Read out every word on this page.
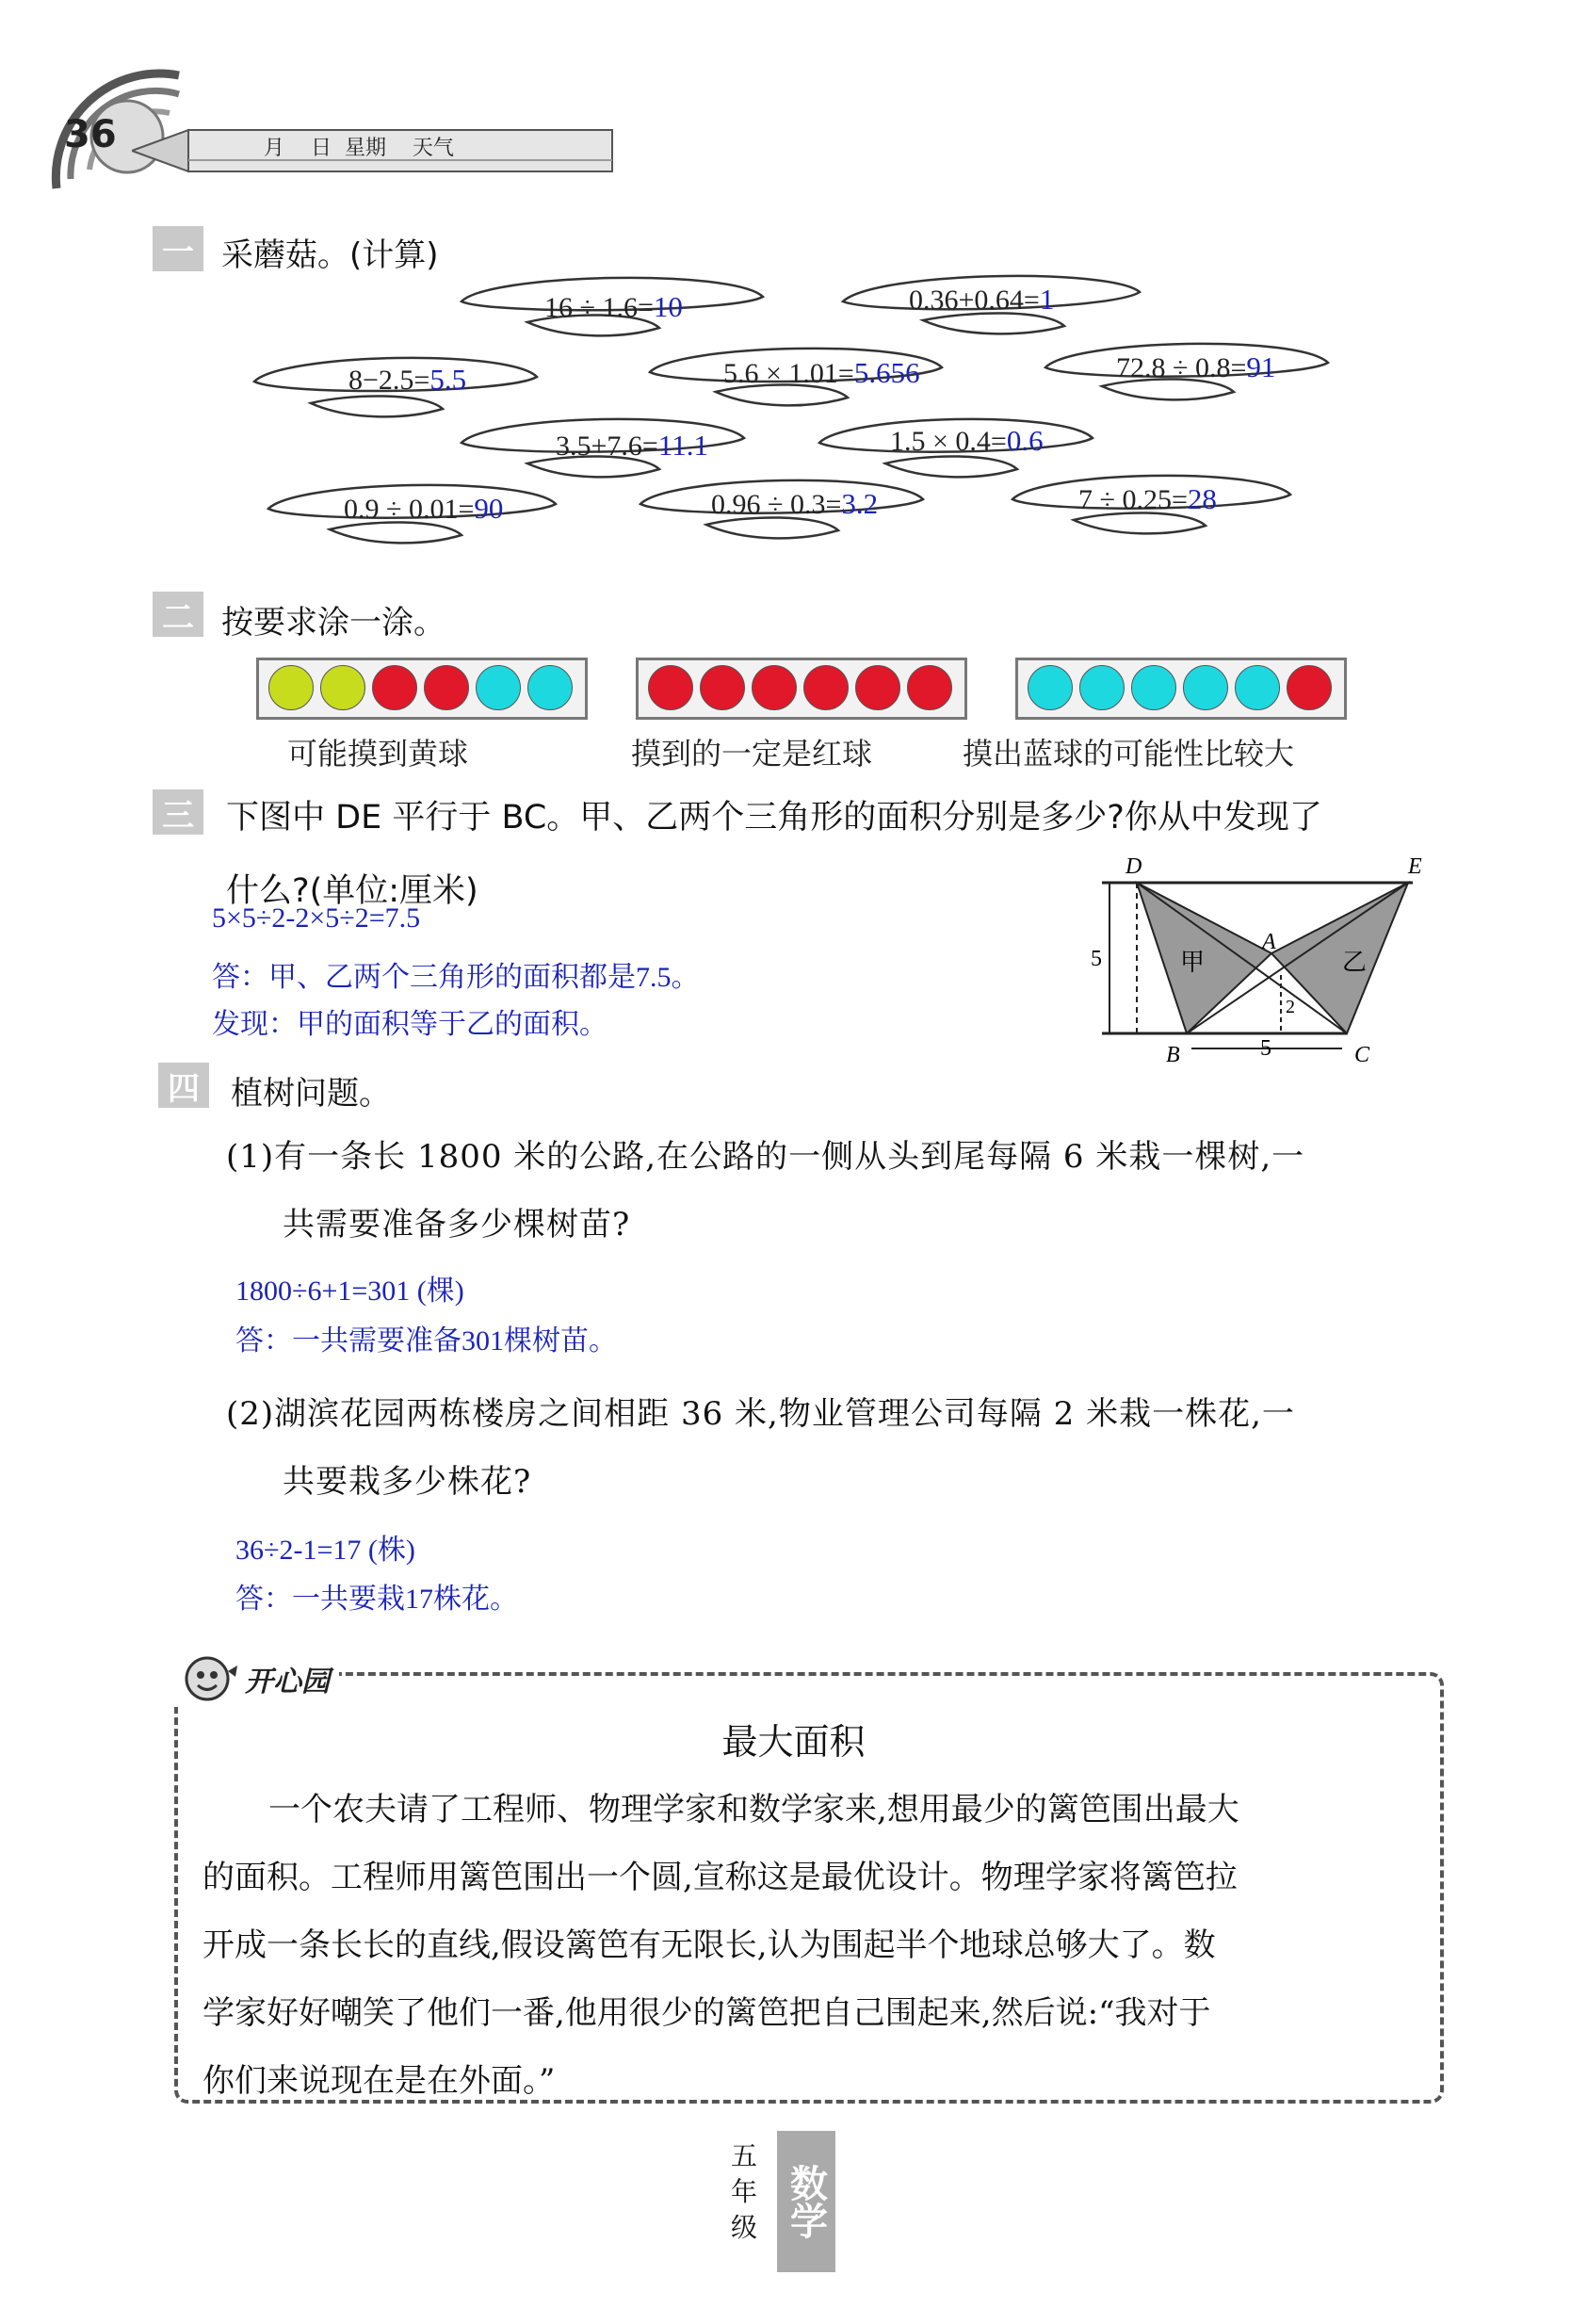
36	月    日  星期    天气
一 采蘑菇。(计算)
16 ÷ 1.6=10	0.36+0.64=1
8−2.5=5.5	5.6 × 1.01=5.656	72.8 ÷ 0.8=91
3.5+7.6=11.1	1.5 × 0.4=0.6
0.9 ÷ 0.01=90	0.96 ÷ 0.3=3.2	7 ÷ 0.25=28
二 按要求涂一涂。
可能摸到黄球	摸到的一定是红球	摸出蓝球的可能性比较大
三 下图中 DE 平行于 BC。甲、乙两个三角形的面积分别是多少?你从中发现了
什么?(单位:厘米)
5×5÷2-2×5÷2=7.5
答：甲、乙两个三角形的面积都是7.5。
发现：甲的面积等于乙的面积。
D	E
A
B	C
甲	乙
5
5
2
四 植树问题。
(1)有一条长 1800 米的公路,在公路的一侧从头到尾每隔 6 米栽一棵树,一
共需要准备多少棵树苗?
1800÷6+1=301 (棵)
答：一共需要准备301棵树苗。
(2)湖滨花园两栋楼房之间相距 36 米,物业管理公司每隔 2 米栽一株花,一
共要栽多少株花?
36÷2-1=17 (株)
答：一共要栽17株花。
开心园
最大面积
一个农夫请了工程师、物理学家和数学家来,想用最少的篱笆围出最大
的面积。工程师用篱笆围出一个圆,宣称这是最优设计。物理学家将篱笆拉
开成一条长长的直线,假设篱笆有无限长,认为围起半个地球总够大了。数
学家好好嘲笑了他们一番,他用很少的篱笆把自己围起来,然后说:“我对于
你们来说现在是在外面。”
五
年
级 数学
